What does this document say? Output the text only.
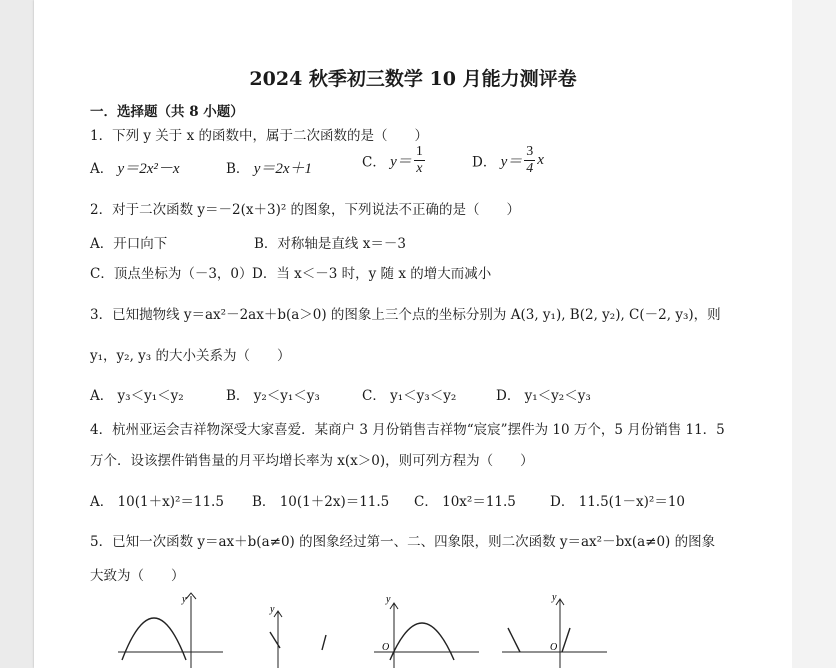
2024 秋季初三数学 10 月能力测评卷
一．选择题（共 8 小题）
1．下列 y 关于 x 的函数中，属于二次函数的是（　　）
A． y＝2x²－x	B． y＝2x＋1	C． $y= \frac{1}{x}$	D． $y= \frac{3}{4}$ x
2．对于二次函数 y＝－2(x＋3)² 的图象，下列说法不正确的是（　　）
A．开口向下	B．对称轴是直线 x＝－3
C．顶点坐标为（－3，0） D．当 x＜－3 时，y 随 x 的增大而减小
3．已知抛物线 y＝ax²－2ax＋b(a＞0) 的图象上三个点的坐标分别为 A(3, y₁), B(2, y₂), C(－2, y₃)，则
y₁，y₂, y₃ 的大小关系为（　　）
A． y₃＜y₁＜y₂	B． y₂＜y₁＜y₃	C． y₁＜y₃＜y₂	D． y₁＜y₂＜y₃
4．杭州亚运会吉祥物深受大家喜爱．某商户 3 月份销售吉祥物“宸宸”摆件为 10 万个，5 月份销售 11．5
万个．设该摆件销售量的月平均增长率为 x(x＞0)，则可列方程为（　　）
A． 10(1＋x)²＝11.5 B． 10(1＋2x)＝11.5 C． 10x²＝11.5	D． 11.5(1－x)²＝10
5．已知一次函数 y＝ax＋b(a≠0) 的图象经过第一、二、四象限，则二次函数 y＝ax²－bx(a≠0) 的图象
大致为（　　）
y
y
y
O
y
O
